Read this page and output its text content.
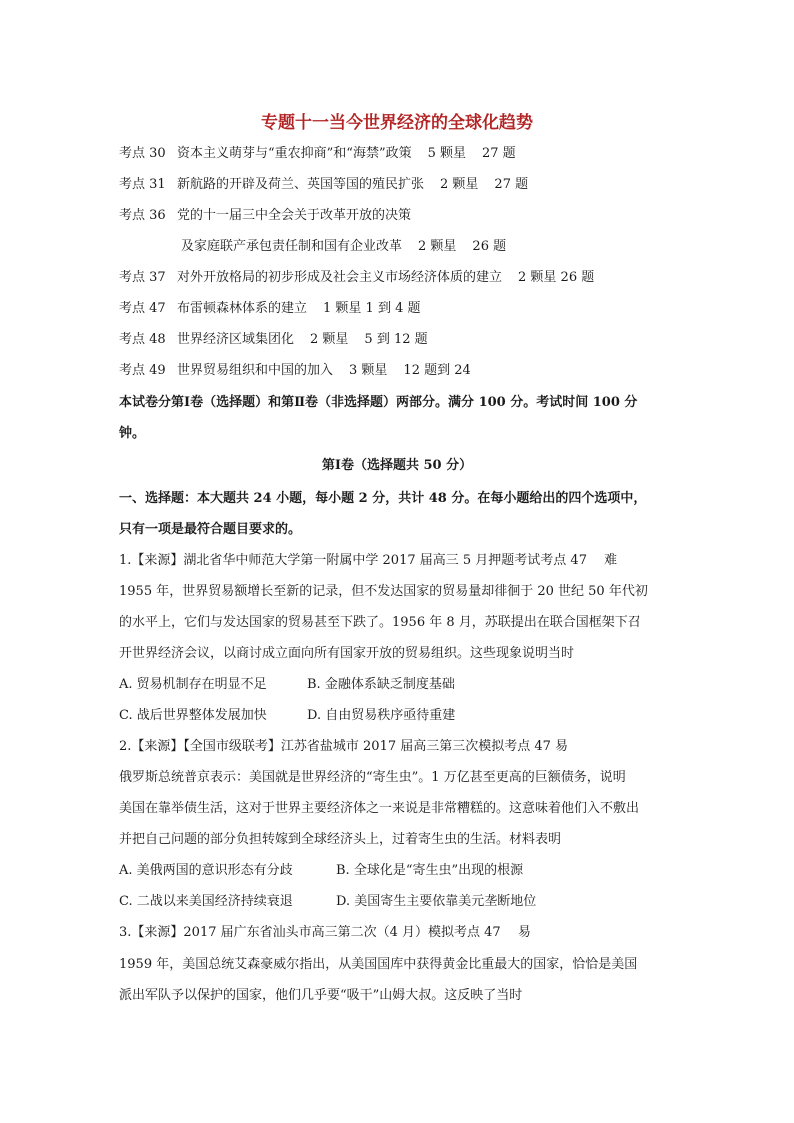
专题十一当今世界经济的全球化趋势
考点 30 资本主义萌芽与“重农抑商”和“海禁”政策 5 颗星 27 题
考点 31 新航路的开辟及荷兰、英国等国的殖民扩张 2 颗星 27 题
考点 36 党的十一届三中全会关于改革开放的决策
及家庭联产承包责任制和国有企业改革 2 颗星 26 题
考点 37 对外开放格局的初步形成及社会主义市场经济体质的建立 2 颗星 26 题
考点 47 布雷顿森林体系的建立 1 颗星 1 到 4 题
考点 48 世界经济区域集团化 2 颗星 5 到 12 题
考点 49 世界贸易组织和中国的加入 3 颗星 12 题到 24
本试卷分第Ⅰ卷（选择题）和第Ⅱ卷（非选择题）两部分。满分 100 分。考试时间 100 分
钟。
第Ⅰ卷（选择题共 50 分）
一、选择题：本大题共 24 小题，每小题 2 分，共计 48 分。在每小题给出的四个选项中，
只有一项是最符合题目要求的。
1.【来源】湖北省华中师范大学第一附属中学 2017 届高三 5 月押题考试考点 47　 难
1955 年，世界贸易额增长至新的记录，但不发达国家的贸易量却徘徊于 20 世纪 50 年代初
的水平上，它们与发达国家的贸易甚至下跌了。1956 年 8 月，苏联提出在联合国框架下召
开世界经济会议，以商讨成立面向所有国家开放的贸易组织。这些现象说明当时
A. 贸易机制存在明显不足	B. 金融体系缺乏制度基础
C. 战后世界整体发展加快	D. 自由贸易秩序亟待重建
2.【来源】【全国市级联考】江苏省盐城市 2017 届高三第三次模拟考点 47 易
俄罗斯总统普京表示：美国就是世界经济的“寄生虫”。1 万亿甚至更高的巨额债务，说明
美国在靠举债生活，这对于世界主要经济体之一来说是非常糟糕的。这意味着他们入不敷出
并把自己问题的部分负担转嫁到全球经济头上，过着寄生虫的生活。材料表明
A. 美俄两国的意识形态有分歧	B. 全球化是“寄生虫”出现的根源
C. 二战以来美国经济持续衰退	D. 美国寄生主要依靠美元垄断地位
3.【来源】2017 届广东省汕头市高三第二次（4 月）模拟考点 47　 易
1959 年，美国总统艾森豪威尔指出，从美国国库中获得黄金比重最大的国家，恰恰是美国
派出军队予以保护的国家，他们几乎要“吸干”山姆大叔。这反映了当时
